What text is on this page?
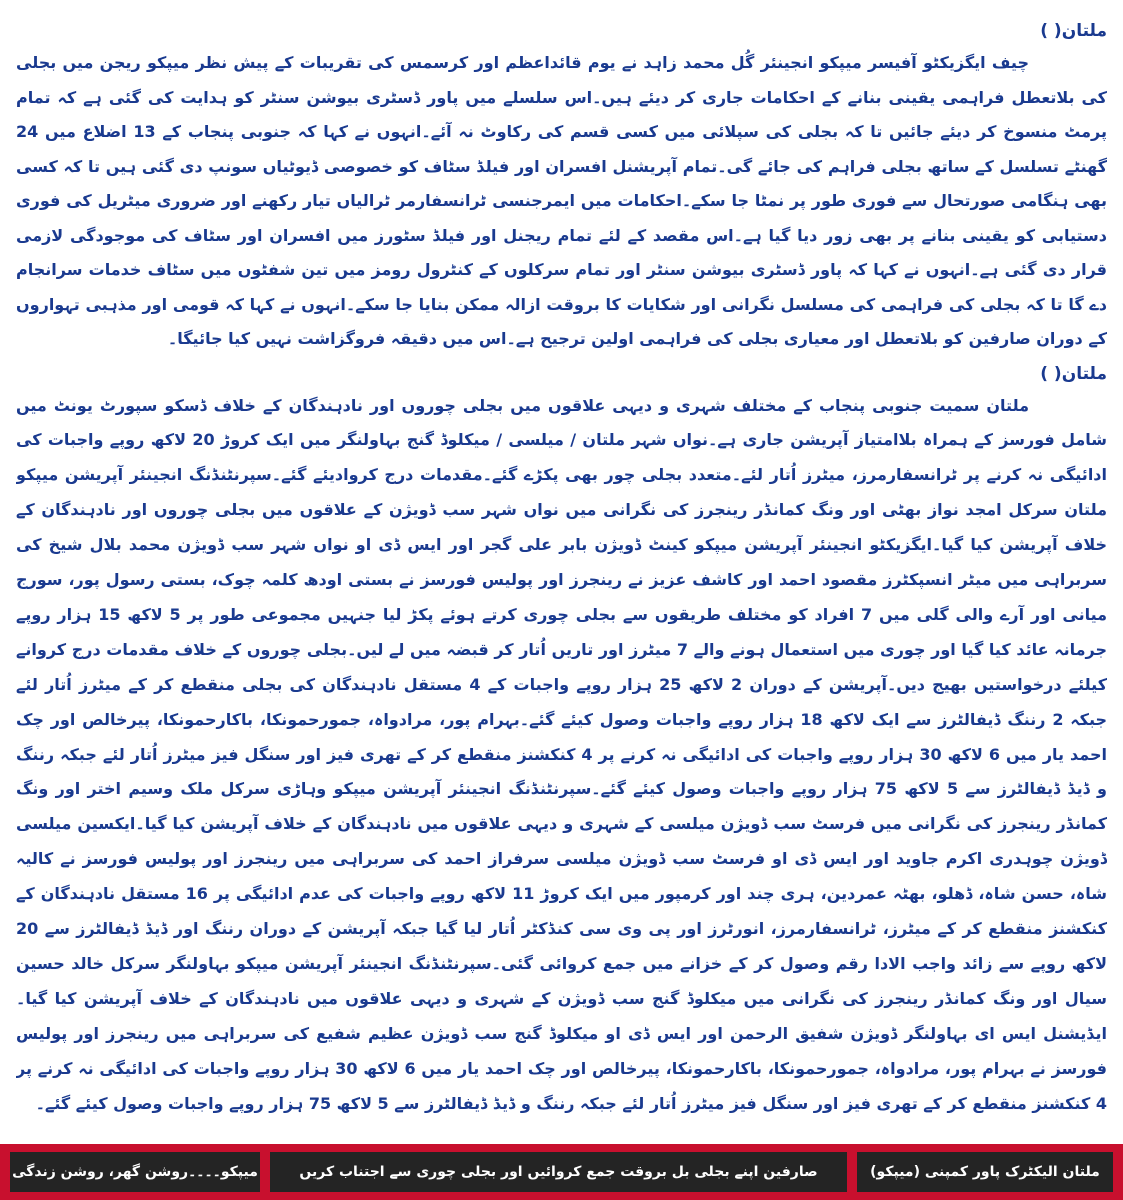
ملتان( )

چیف ایگزیکٹو آفیسر میپکو انجینئر گُل محمد زاہد نے یوم قائداعظم اور کرسمس کی تقریبات کے پیش نظر میپکو ریجن میں بجلی کی بلاتعطل فراہمی یقینی بنانے کے احکامات جاری کر دیئے ہیں۔اس سلسلے میں پاور ڈسٹری بیوشن سنٹر کو ہدایت کی گئی ہے کہ تمام پرمٹ منسوخ کر دیئے جائیں تا کہ بجلی کی سپلائی میں کسی قسم کی رکاوٹ نہ آئے۔انہوں نے کہا کہ جنوبی پنجاب کے 13 اضلاع میں 24 گھنٹے تسلسل کے ساتھ بجلی فراہم کی جائے گی۔تمام آپریشنل افسران اور فیلڈ سٹاف کو خصوصی ڈیوٹیاں سونپ دی گئی ہیں تا کہ کسی بھی ہنگامی صورتحال سے فوری طور پر نمٹا جا سکے۔احکامات میں ایمرجنسی ٹرانسفارمر ٹرالیاں تیار رکھنے اور ضروری میٹریل کی فوری دستیابی کو یقینی بنانے پر بھی زور دیا گیا ہے۔اس مقصد کے لئے تمام ریجنل اور فیلڈ سٹورز میں افسران اور سٹاف کی موجودگی لازمی قرار دی گئی ہے۔انہوں نے کہا کہ پاور ڈسٹری بیوشن سنٹر اور تمام سرکلوں کے کنٹرول رومز میں تین شفٹوں میں سٹاف خدمات سرانجام دے گا تا کہ بجلی کی فراہمی کی مسلسل نگرانی اور شکایات کا بروقت ازالہ ممکن بنایا جا سکے۔انہوں نے کہا کہ قومی اور مذہبی تہواروں کے دوران صارفین کو بلاتعطل اور معیاری بجلی کی فراہمی اولین ترجیح ہے۔اس میں دقیقہ فروگزاشت نہیں کیا جائیگا۔

ملتان( )

ملتان سمیت جنوبی پنجاب کے مختلف شہری و دیہی علاقوں میں بجلی چوروں اور نادہندگان کے خلاف ڈسکو سپورٹ یونٹ میں شامل فورسز کے ہمراہ بلاامتیاز آپریشن جاری ہے۔نواں شہر ملتان / میلسی / میکلوڈ گنج بہاولنگر میں ایک کروڑ 20 لاکھ روپے واجبات کی ادائیگی نہ کرنے پر ٹرانسفارمرز، میٹرز اُتار لئے۔متعدد بجلی چور بھی پکڑے گئے۔مقدمات درج کروادیئے گئے۔سپرنٹنڈنگ انجینئر آپریشن میپکو ملتان سرکل امجد نواز بھٹی اور ونگ کمانڈر رینجرز کی نگرانی میں نواں شہر سب ڈویژن کے علاقوں میں بجلی چوروں اور نادہندگان کے خلاف آپریشن کیا گیا۔ایگزیکٹو انجینئر آپریشن میپکو کینٹ ڈویژن بابر علی گجر اور ایس ڈی او نواں شہر سب ڈویژن محمد بلال شیخ کی سربراہی میں میٹر انسپکٹرز مقصود احمد اور کاشف عزیز نے رینجرز اور پولیس فورسز نے بستی اودھ کلمہ چوک، بستی رسول پور، سورج میانی اور آرے والی گلی میں 7 افراد کو مختلف طریقوں سے بجلی چوری کرتے ہوئے پکڑ لیا جنہیں مجموعی طور پر 5 لاکھ 15 ہزار روپے جرمانہ عائد کیا گیا اور چوری میں استعمال ہونے والے 7 میٹرز اور تاریں اُتار کر قبضہ میں لے لیں۔بجلی چوروں کے خلاف مقدمات درج کروانے کیلئے درخواستیں بھیج دیں۔آپریشن کے دوران 2 لاکھ 25 ہزار روپے واجبات کے 4 مستقل نادہندگان کی بجلی منقطع کر کے میٹرز اُتار لئے جبکہ 2 رننگ ڈیفالٹرز سے ایک لاکھ 18 ہزار روپے واجبات وصول کیئے گئے۔بہرام پور، مرادواہ، جمورحمونکا، باکارحمونکا، پیرخالص اور چک احمد یار میں 6 لاکھ 30 ہزار روپے واجبات کی ادائیگی نہ کرنے پر 4 کنکشنز منقطع کر کے تھری فیز اور سنگل فیز میٹرز اُتار لئے جبکہ رننگ و ڈیڈ ڈیفالٹرز سے 5 لاکھ 75 ہزار روپے واجبات وصول کیئے گئے۔سپرنٹنڈنگ انجینئر آپریشن میپکو وہاڑی سرکل ملک وسیم اختر اور ونگ کمانڈر رینجرز کی نگرانی میں فرسٹ سب ڈویژن میلسی کے شہری و دیہی علاقوں میں نادہندگان کے خلاف آپریشن کیا گیا۔ایکسین میلسی ڈویژن چوہدری اکرم جاوید اور ایس ڈی او فرسٹ سب ڈویژن میلسی سرفراز احمد کی سربراہی میں رینجرز اور پولیس فورسز نے کالیہ شاہ، حسن شاہ، ڈھلو، بھٹہ عمردین، ہری چند اور کرمپور میں ایک کروڑ 11 لاکھ روپے واجبات کی عدم ادائیگی پر 16 مستقل نادہندگان کے کنکشنز منقطع کر کے میٹرز، ٹرانسفارمرز، انورٹرز اور پی وی سی کنڈکٹر اُتار لیا گیا جبکہ آپریشن کے دوران رننگ اور ڈیڈ ڈیفالٹرز سے 20 لاکھ روپے سے زائد واجب الادا رقم وصول کر کے خزانے میں جمع کروائی گئی۔سپرنٹنڈنگ انجینئر آپریشن میپکو بہاولنگر سرکل خالد حسین سیال اور ونگ کمانڈر رینجرز کی نگرانی میں میکلوڈ گنج سب ڈویژن کے شہری و دیہی علاقوں میں نادہندگان کے خلاف آپریشن کیا گیا۔ایڈیشنل ایس ای بہاولنگر ڈویژن شفیق الرحمن اور ایس ڈی او میکلوڈ گنج سب ڈویژن عظیم شفیع کی سربراہی میں رینجرز اور پولیس فورسز نے بہرام پور، مرادواہ، جمورحمونکا، باکارحمونکا، پیرخالص اور چک احمد یار میں 6 لاکھ 30 ہزار روپے واجبات کی ادائیگی نہ کرنے پر 4 کنکشنز منقطع کر کے تھری فیز اور سنگل فیز میٹرز اُتار لئے جبکہ رننگ و ڈیڈ ڈیفالٹرز سے 5 لاکھ 75 ہزار روپے واجبات وصول کیئے گئے۔

ملتان الیکٹرک پاور کمپنی (میپکو)
صارفین اپنے بجلی بل بروقت جمع کروائیں اور بجلی چوری سے اجتناب کریں
میپکو۔۔۔۔روشن گھر، روشن زندگی
